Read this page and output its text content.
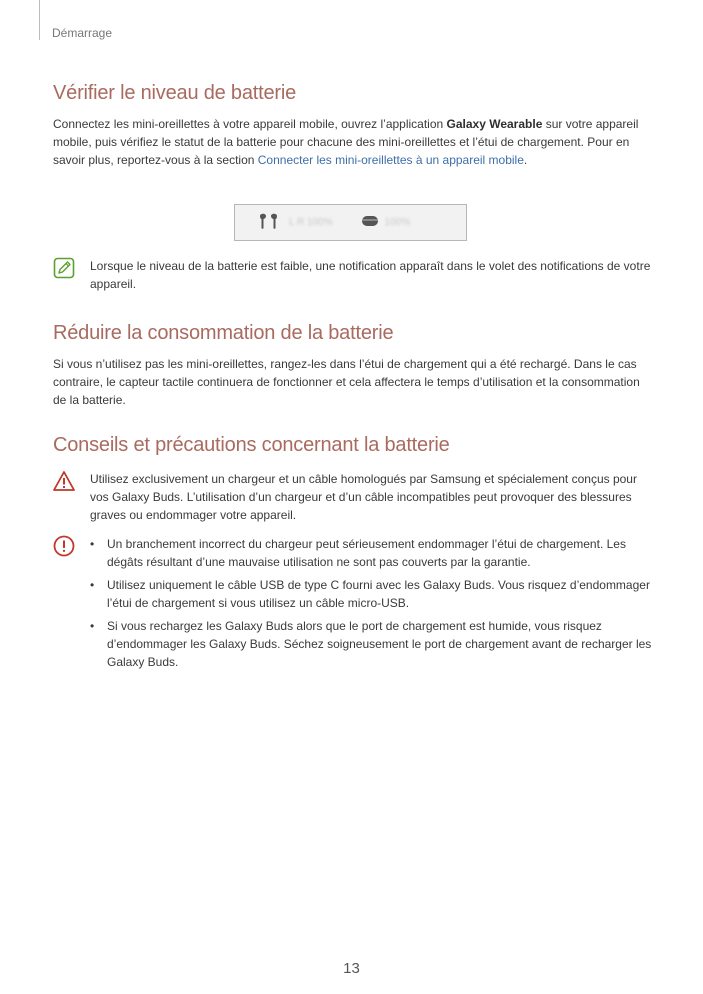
Démarrage
Vérifier le niveau de batterie

Connectez les mini-oreillettes à votre appareil mobile, ouvrez l’application Galaxy Wearable sur votre appareil mobile, puis vérifiez le statut de la batterie pour chacune des mini-oreillettes et l’étui de chargement. Pour en savoir plus, reportez-vous à la section Connecter les mini-oreillettes à un appareil mobile.

L R 100%	100%
Lorsque le niveau de la batterie est faible, une notification apparaît dans le volet des notifications de votre appareil.
Réduire la consommation de la batterie

Si vous n’utilisez pas les mini-oreillettes, rangez-les dans l’étui de chargement qui a été rechargé. Dans le cas contraire, le capteur tactile continuera de fonctionner et cela affectera le temps d’utilisation et la consommation de la batterie.

Conseils et précautions concernant la batterie
Utilisez exclusivement un chargeur et un câble homologués par Samsung et spécialement conçus pour vos Galaxy Buds. L’utilisation d’un chargeur et d’un câble incompatibles peut provoquer des blessures graves ou endommager votre appareil.
• Un branchement incorrect du chargeur peut sérieusement endommager l’étui de chargement. Les dégâts résultant d’une mauvaise utilisation ne sont pas couverts par la garantie.
• Utilisez uniquement le câble USB de type C fourni avec les Galaxy Buds. Vous risquez d’endommager l’étui de chargement si vous utilisez un câble micro-USB.
• Si vous rechargez les Galaxy Buds alors que le port de chargement est humide, vous risquez d’endommager les Galaxy Buds. Séchez soigneusement le port de chargement avant de recharger les Galaxy Buds.
13
